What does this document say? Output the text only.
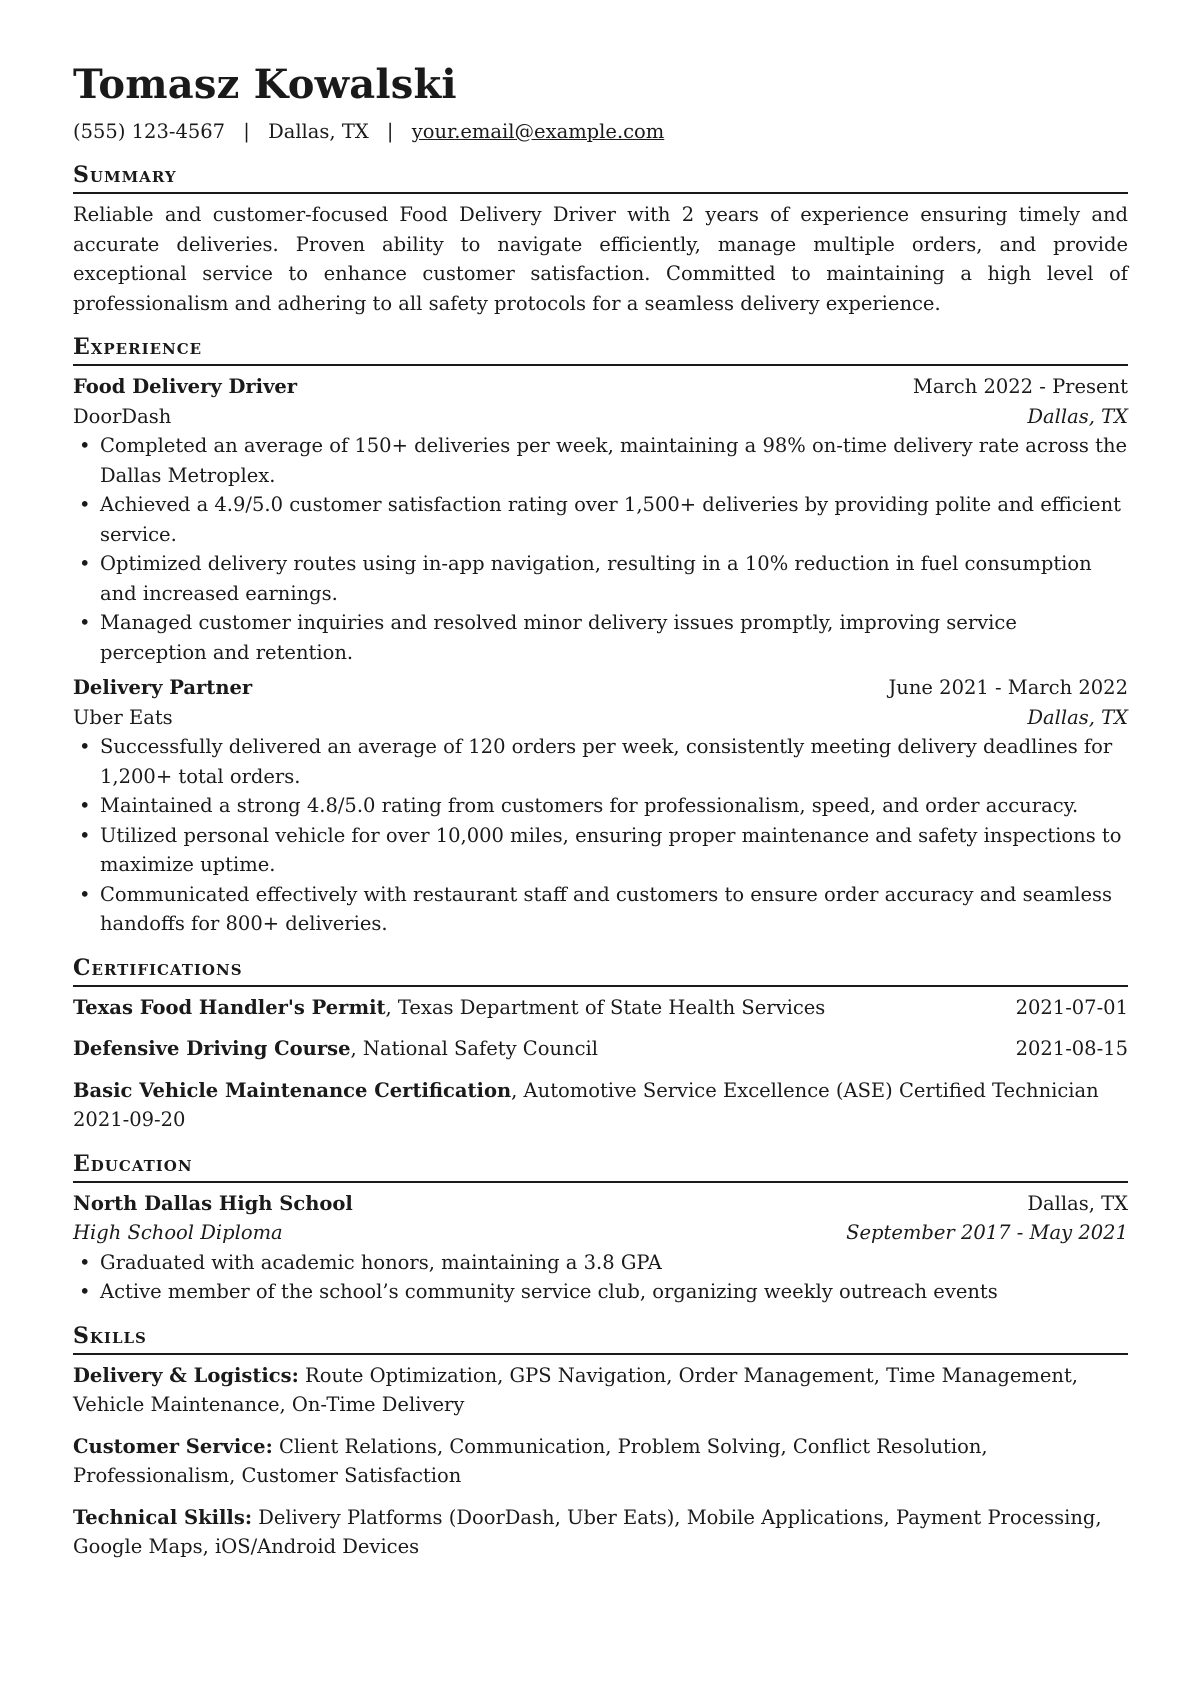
Tomasz Kowalski
(555) 123-4567 | Dallas, TX | your.email@example.com
Summary

Reliable and customer-focused Food Delivery Driver with 2 years of experience ensuring timely and accurate deliveries. Proven ability to navigate efficiently, manage multiple orders, and provide exceptional service to enhance customer satisfaction. Committed to maintaining a high level of professionalism and adhering to all safety protocols for a seamless delivery experience.

Experience
Food Delivery Driver	March 2022 - Present
DoorDash	Dallas, TX
• Completed an average of 150+ deliveries per week, maintaining a 98% on-time delivery rate across the Dallas Metroplex.
• Achieved a 4.9/5.0 customer satisfaction rating over 1,500+ deliveries by providing polite and efficient service.
• Optimized delivery routes using in-app navigation, resulting in a 10% reduction in fuel consumption and increased earnings.
• Managed customer inquiries and resolved minor delivery issues promptly, improving service perception and retention.
Delivery Partner	June 2021 - March 2022
Uber Eats	Dallas, TX
• Successfully delivered an average of 120 orders per week, consistently meeting delivery deadlines for 1,200+ total orders.
• Maintained a strong 4.8/5.0 rating from customers for professionalism, speed, and order accuracy.
• Utilized personal vehicle for over 10,000 miles, ensuring proper maintenance and safety inspections to maximize uptime.
• Communicated effectively with restaurant staff and customers to ensure order accuracy and seamless handoffs for 800+ deliveries.
Certifications
Texas Food Handler's Permit, Texas Department of State Health Services	2021-07-01
Defensive Driving Course, National Safety Council	2021-08-15
Basic Vehicle Maintenance Certification, Automotive Service Excellence (ASE) Certified Technician
2021-09-20
Education
North Dallas High School	Dallas, TX
High School Diploma	September 2017 - May 2021
• Graduated with academic honors, maintaining a 3.8 GPA
• Active member of the school’s community service club, organizing weekly outreach events
Skills
Delivery & Logistics: Route Optimization, GPS Navigation, Order Management, Time Management, Vehicle Maintenance, On-Time Delivery
Customer Service: Client Relations, Communication, Problem Solving, Conflict Resolution, Professionalism, Customer Satisfaction
Technical Skills: Delivery Platforms (DoorDash, Uber Eats), Mobile Applications, Payment Processing, Google Maps, iOS/Android Devices
